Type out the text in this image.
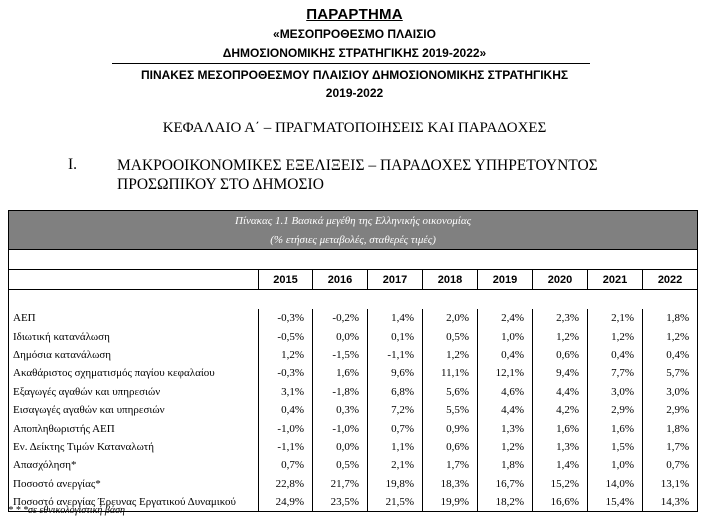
ΠΑΡΑΡΤΗΜΑ
«ΜΕΣΟΠΡΟΘΕΣΜΟ ΠΛΑΙΣΙΟ
ΔΗΜΟΣΙΟΝΟΜΙΚΗΣ ΣΤΡΑΤΗΓΙΚΗΣ 2019-2022»
ΠΙΝΑΚΕΣ ΜΕΣΟΠΡΟΘΕΣΜΟΥ ΠΛΑΙΣΙΟΥ ΔΗΜΟΣΙΟΝΟΜΙΚΗΣ ΣΤΡΑΤΗΓΙΚΗΣ
2019-2022
ΚΕΦΑΛΑΙΟ Α΄ – ΠΡΑΓΜΑΤΟΠΟΙΗΣΕΙΣ ΚΑΙ ΠΑΡΑΔΟΧΕΣ
I.	ΜΑΚΡΟΟΙΚΟΝΟΜΙΚΕΣ ΕΞΕΛΙΞΕΙΣ – ΠΑΡΑΔΟΧΕΣ ΥΠΗΡΕΤΟΥΝΤΟΣ ΠΡΟΣΩΠΙΚΟΥ ΣΤΟ ΔΗΜΟΣΙΟ
Πίνακας 1.1 Βασικά μεγέθη της Ελληνικής οικονομίας								
(% ετήσιες μεταβολές, σταθερές τιμές)								

	2015	2016	2017	2018	2019	2020	2021	2022

ΑΕΠ	-0,3%	-0,2%	1,4%	2,0%	2,4%	2,3%	2,1%	1,8%
Ιδιωτική κατανάλωση	-0,5%	0,0%	0,1%	0,5%	1,0%	1,2%	1,2%	1,2%
Δημόσια κατανάλωση	1,2%	-1,5%	-1,1%	1,2%	0,4%	0,6%	0,4%	0,4%
Ακαθάριστος σχηματισμός παγίου κεφαλαίου	-0,3%	1,6%	9,6%	11,1%	12,1%	9,4%	7,7%	5,7%
Εξαγωγές αγαθών και υπηρεσιών	3,1%	-1,8%	6,8%	5,6%	4,6%	4,4%	3,0%	3,0%
Εισαγωγές αγαθών και υπηρεσιών	0,4%	0,3%	7,2%	5,5%	4,4%	4,2%	2,9%	2,9%
Αποπληθωριστής ΑΕΠ	-1,0%	-1,0%	0,7%	0,9%	1,3%	1,6%	1,6%	1,8%
Εν. Δείκτης Τιμών Καταναλωτή	-1,1%	0,0%	1,1%	0,6%	1,2%	1,3%	1,5%	1,7%
Απασχόληση*	0,7%	0,5%	2,1%	1,7%	1,8%	1,4%	1,0%	0,7%
Ποσοστό ανεργίας*	22,8%	21,7%	19,8%	18,3%	16,7%	15,2%	14,0%	13,1%
Ποσοστό ανεργίας Έρευνας Εργατικού Δυναμικού	24,9%	23,5%	21,5%	19,9%	18,2%	16,6%	15,4%	14,3%
* * *σε εθνικολογιστική βάση
